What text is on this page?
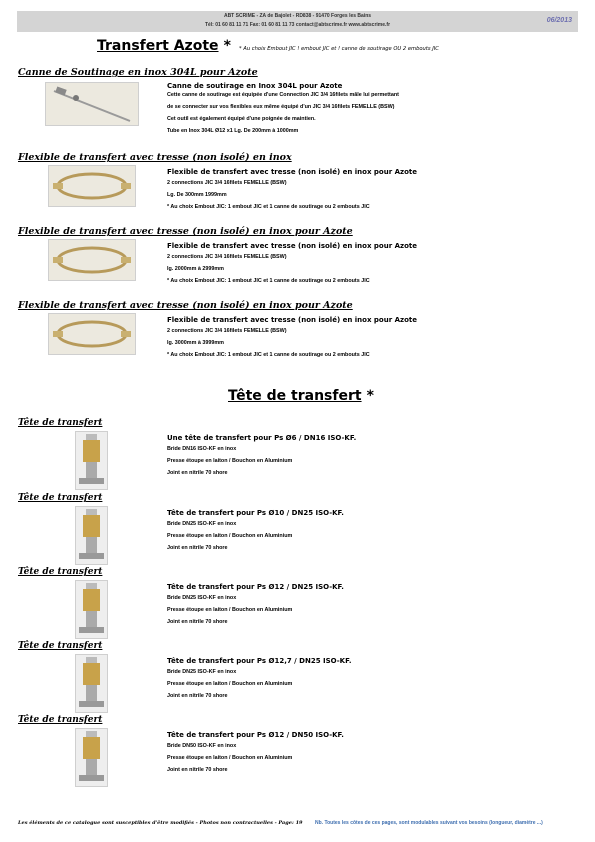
ABT SCRIME - ZA de Bajolet - RD838 - 91470 Forges les Bains
Tél: 01 60 81 11 71 Fax: 01 60 81 11 73 contact@abtscrime.fr www.abtscrime.fr
06/2013
Transfert Azote * * Au choix Embout JIC ! embout JIC et ! canne de soutirage OU 2 embouts JIC
Canne de Soutinage en inox 304L pour Azote
Canne de soutirage en Inox 304L pour Azote
Cette canne de soutirage est équipée d'une Connection JIC 3/4 16filets mâle lui permettant
de se connecter sur vos flexibles eux même équipé d'un JIC 3/4 16filets FEMELLE (BSW)
Cet outil est également équipé d'une poignée de maintien.
Tube en Inox 304L Ø12 x1 Lg. De 200mm à 1000mm
Flexible de transfert avec tresse (non isolé) en inox
Flexible de transfert avec tresse (non isolé) en inox pour Azote
2 connections JIC 3/4 16filets FEMELLE (BSW)
Lg. De 300mm 1999mm
* Au choix Embout JIC: 1 embout JIC et 1 canne de soutirage ou 2 embouts JIC
Flexible de transfert avec tresse (non isolé) en inox pour Azote
Flexible de transfert avec tresse (non isolé) en inox pour Azote
2 connections JIC 3/4 16filets FEMELLE (BSW)
lg. 2000mm à 2999mm
* Au choix Embout JIC: 1 embout JIC et 1 canne de soutirage ou 2 embouts JIC
Flexible de transfert avec tresse (non isolé) en inox pour Azote
Flexible de transfert avec tresse (non isolé) en inox pour Azote
2 connections JIC 3/4 16filets FEMELLE (BSW)
lg. 3000mm à 3999mm
* Au choix Embout JIC: 1 embout JIC et 1 canne de soutirage ou 2 embouts JIC
Tête de transfert *
Tête de transfert
Une tête de transfert pour Ps Ø6 / DN16 ISO-KF.
Bride DN16 ISO-KF en inox
Presse étoupe en laiton / Bouchon en Aluminium
Joint en nitrile 70 shore
Tête de transfert
Tête de transfert pour Ps Ø10 / DN25 ISO-KF.
Bride DN25 ISO-KF en inox
Presse étoupe en laiton / Bouchon en Aluminium
Joint en nitrile 70 shore
Tête de transfert
Tête de transfert pour Ps Ø12 / DN25 ISO-KF.
Bride DN25 ISO-KF en inox
Presse étoupe en laiton / Bouchon en Aluminium
Joint en nitrile 70 shore
Tête de transfert
Tête de transfert pour Ps Ø12,7 / DN25 ISO-KF.
Bride DN25 ISO-KF en inox
Presse étoupe en laiton / Bouchon en Aluminium
Joint en nitrile 70 shore
Tête de transfert
Tête de transfert pour Ps Ø12 / DN50 ISO-KF.
Bride DN50 ISO-KF en inox
Presse étoupe en laiton / Bouchon en Aluminium
Joint en nitrile 70 shore
Les éléments de ce catalogue sont susceptibles d'être modifiés - Photos non contractuelles - Page: 19 Nb. Toutes les côtes de ces pages, sont modulables suivant vos besoins (longueur, diamètre ...)
